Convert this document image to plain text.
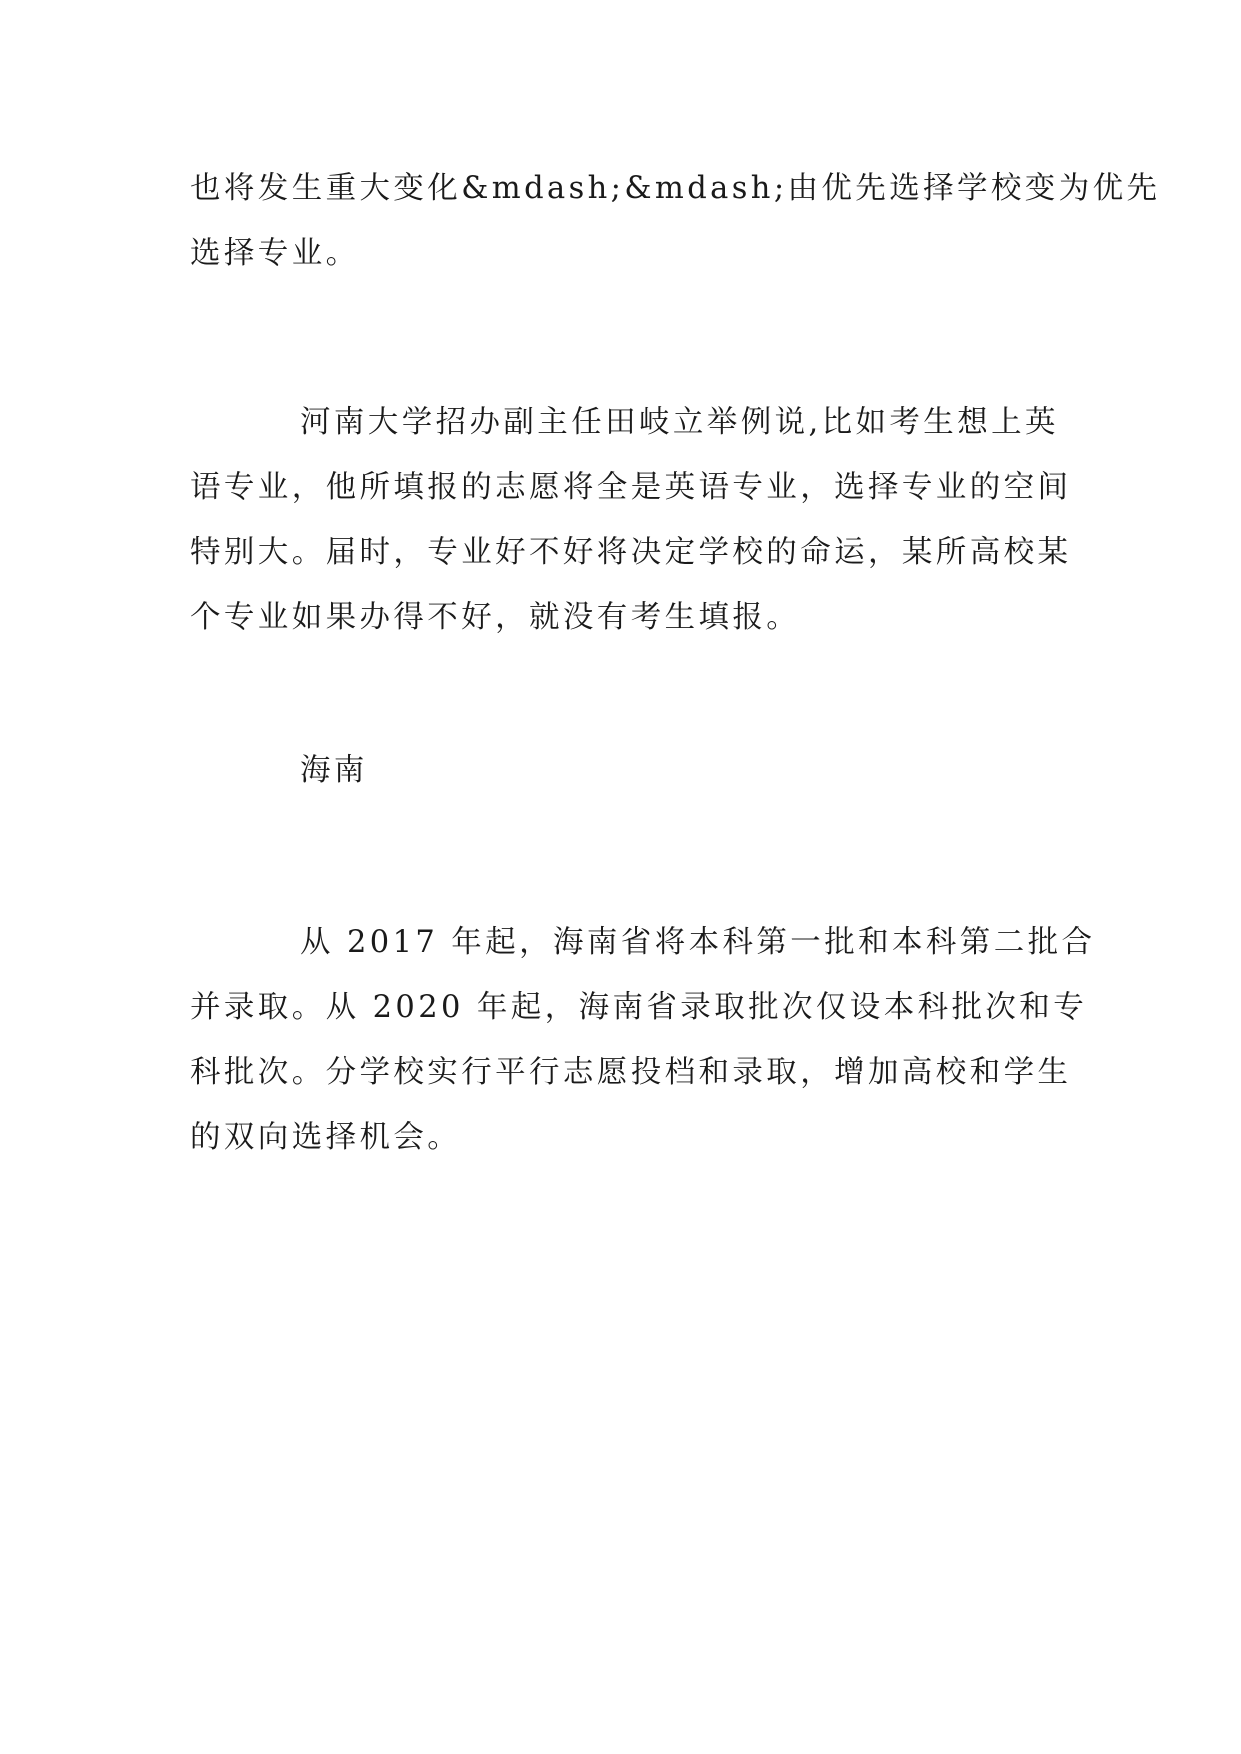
也将发生重大变化&mdash;&mdash;由优先选择学校变为优先
选择专业。

河南大学招办副主任田岐立举例说,比如考生想上英
语专业，他所填报的志愿将全是英语专业，选择专业的空间
特别大。届时，专业好不好将决定学校的命运，某所高校某
个专业如果办得不好，就没有考生填报。

海南

从 2017 年起，海南省将本科第一批和本科第二批合
并录取。从 2020 年起，海南省录取批次仅设本科批次和专
科批次。分学校实行平行志愿投档和录取，增加高校和学生
的双向选择机会。
